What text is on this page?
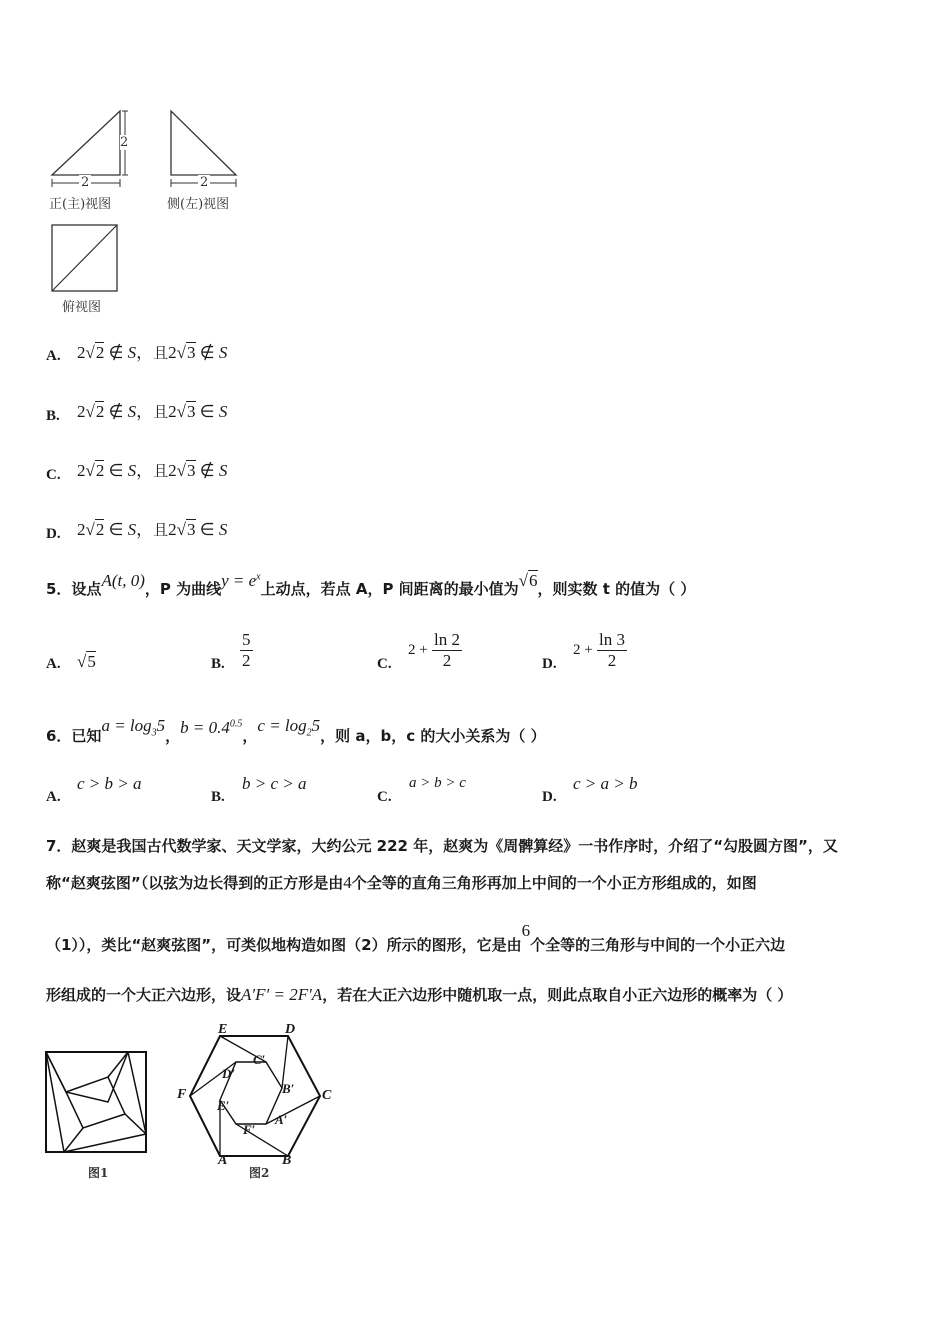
2
2	2
正(主)视图	侧(左)视图
俯视图
A. 2√2 ∉ S，且2√3 ∉ S
B. 2√2 ∉ S，且2√3 ∈ S
C. 2√2 ∈ S，且2√3 ∉ S
D. 2√2 ∈ S，且2√3 ∈ S
5．设点A(t, 0)，P 为曲线$y = e^x$上动点，若点 A，P 间距离的最小值为√6，则实数 t 的值为（ ）
A. √5	B. $\frac{5}{2}$	C.
$2 + \frac{\ln 2}{2}$	D.
$2 + \frac{\ln 3}{2}$
6．已知$a = \log_35$，$b = 0.4^{0.5}$，$c = \log_25$，则 a，b，c 的大小关系为（ ）
A.
c > b > a
B.
b > c > a
C.
a > b > c
D.
c > a > b
7．赵爽是我国古代数学家、天文学家，大约公元 222 年，赵爽为《周髀算经》一书作序时，介绍了“勾股圆方图”，又
称“赵爽弦图”（以弦为边长得到的正方形是由4个全等的直角三角形再加上中间的一个小正方形组成的，如图
（1）），类比“赵爽弦图”，可类似地构造如图（2）所示的图形，它是由6个全等的三角形与中间的一个小正六边
形组成的一个大正六边形，设A′F′ = 2F′A，若在大正六边形中随机取一点，则此点取自小正六边形的概率为（ ）
图1
E	D
C
B
A
F
C′
D′
B′
E′
A′
F′
图2
